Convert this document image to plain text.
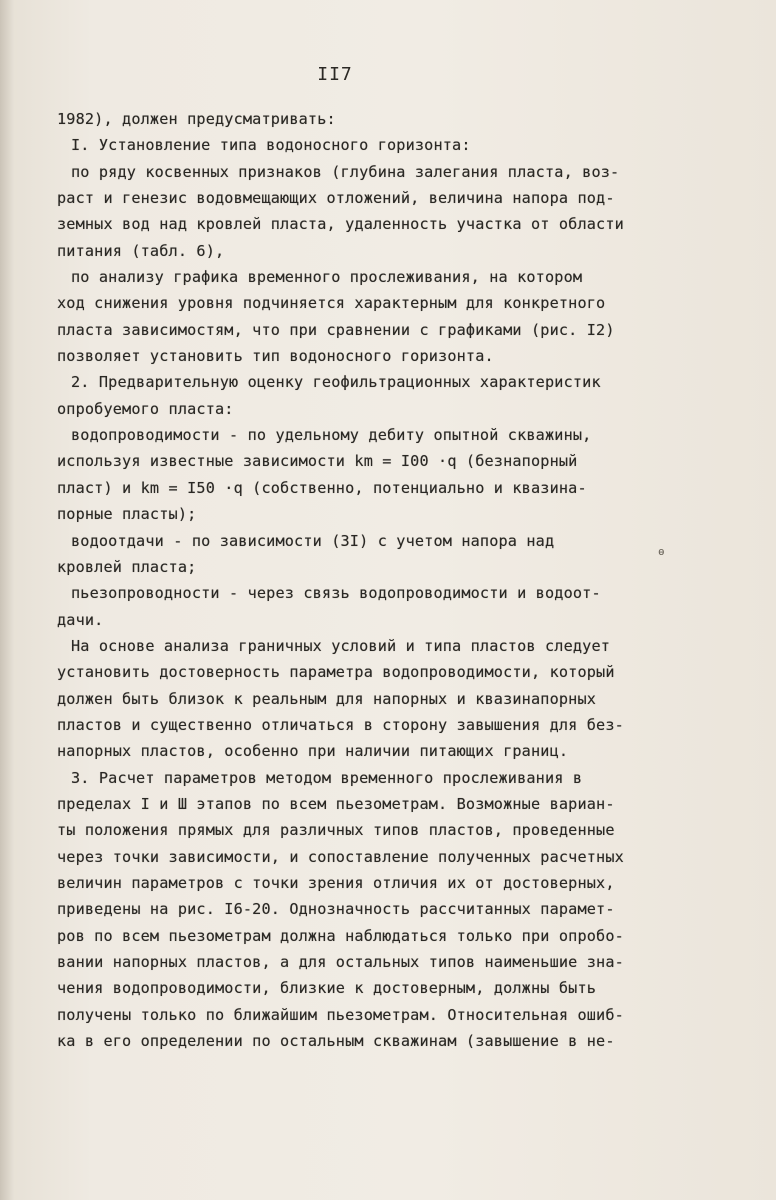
II7
ɵ
1982), должен предусматривать:
I. Установление типа водоносного горизонта:
по ряду косвенных признаков (глубина залегания пласта, воз-
раст и генезис водовмещающих отложений, величина напора под-
земных вод над кровлей пласта, удаленность участка от области
питания (табл. 6),
по анализу графика временного прослеживания, на котором
ход снижения уровня подчиняется характерным для конкретного
пласта зависимостям, что при сравнении с графиками (рис. I2)
позволяет установить тип водоносного горизонта.
2. Предварительную оценку геофильтрационных характеристик
опробуемого пласта:
водопроводимости - по удельному дебиту опытной скважины,
используя известные зависимости km = I00 ·q (безнапорный
пласт) и km = I50 ·q (собственно, потенциально и квазина-
порные пласты);
водоотдачи - по зависимости (3I) с учетом напора над
кровлей пласта;
пьезопроводности - через связь водопроводимости и водоот-
дачи.
На основе анализа граничных условий и типа пластов следует
установить достоверность параметра водопроводимости, который
должен быть близок к реальным для напорных и квазинапорных
пластов и существенно отличаться в сторону завышения для без-
напорных пластов, особенно при наличии питающих границ.
3. Расчет параметров методом временного прослеживания в
пределах I и Ш этапов по всем пьезометрам. Возможные вариан-
ты положения прямых для различных типов пластов, проведенные
через точки зависимости, и сопоставление полученных расчетных
величин параметров с точки зрения отличия их от достоверных,
приведены на рис. I6-20. Однозначность рассчитанных парамет-
ров по всем пьезометрам должна наблюдаться только при опробо-
вании напорных пластов, а для остальных типов наименьшие зна-
чения водопроводимости, близкие к достоверным, должны быть
получены только по ближайшим пьезометрам. Относительная ошиб-
ка в его определении по остальным скважинам (завышение в не-
